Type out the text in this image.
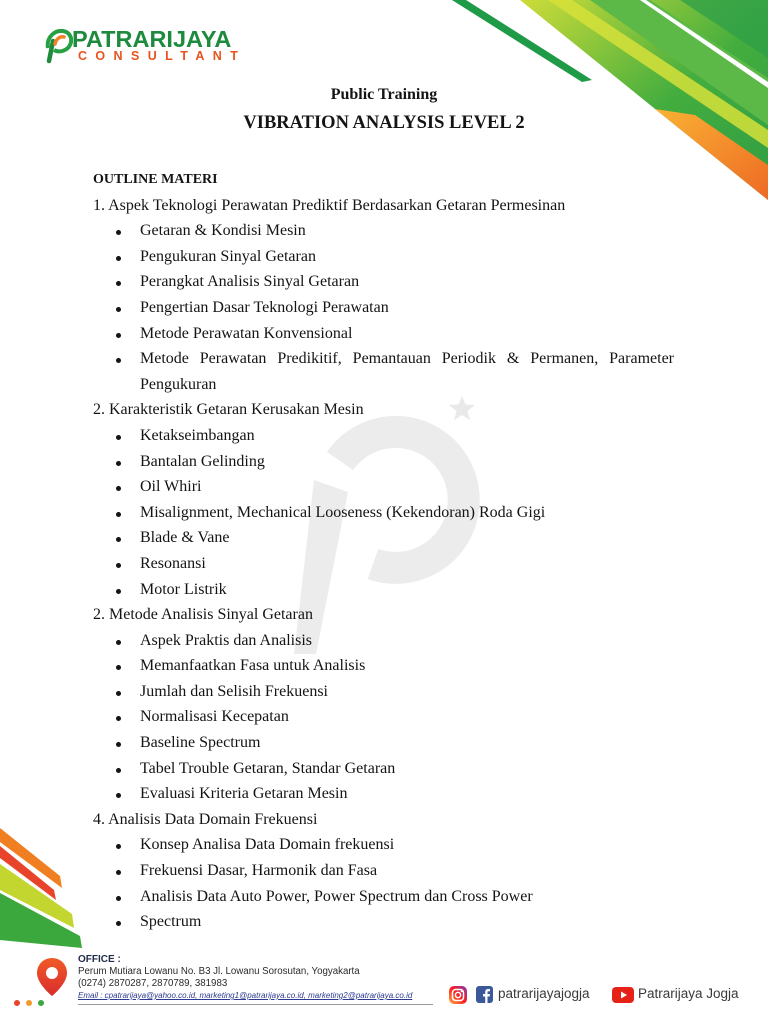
PATRARIJAYA
CONSULTANT
Public Training
VIBRATION ANALYSIS LEVEL 2
OUTLINE MATERI
1. Aspek Teknologi Perawatan Prediktif Berdasarkan Getaran Permesinan
Getaran & Kondisi Mesin
Pengukuran Sinyal Getaran
Perangkat Analisis Sinyal Getaran
Pengertian Dasar Teknologi Perawatan
Metode Perawatan Konvensional
Metode Perawatan Predikitif, Pemantauan Periodik & Permanen, Parameter Pengukuran
2. Karakteristik Getaran Kerusakan Mesin
Ketakseimbangan
Bantalan Gelinding
Oil Whiri
Misalignment, Mechanical Looseness (Kekendoran) Roda Gigi
Blade & Vane
Resonansi
Motor Listrik
2. Metode Analisis Sinyal Getaran
Aspek Praktis dan Analisis
Memanfaatkan Fasa untuk Analisis
Jumlah dan Selisih Frekuensi
Normalisasi Kecepatan
Baseline Spectrum
Tabel Trouble Getaran, Standar Getaran
Evaluasi Kriteria Getaran Mesin
4. Analisis Data Domain Frekuensi
Konsep Analisa Data Domain frekuensi
Frekuensi Dasar, Harmonik dan Fasa
Analisis Data Auto Power, Power Spectrum dan Cross Power
Spectrum
OFFICE :
Perum Mutiara Lowanu No. B3 Jl. Lowanu Sorosutan, Yogyakarta
(0274) 2870287, 2870789, 381983
Email : cpatrarijaya@yahoo.co.id, marketing1@patrarijaya.co.id, marketing2@patrarijaya.co.id	patrarijayajogja	Patrarijaya Jogja
